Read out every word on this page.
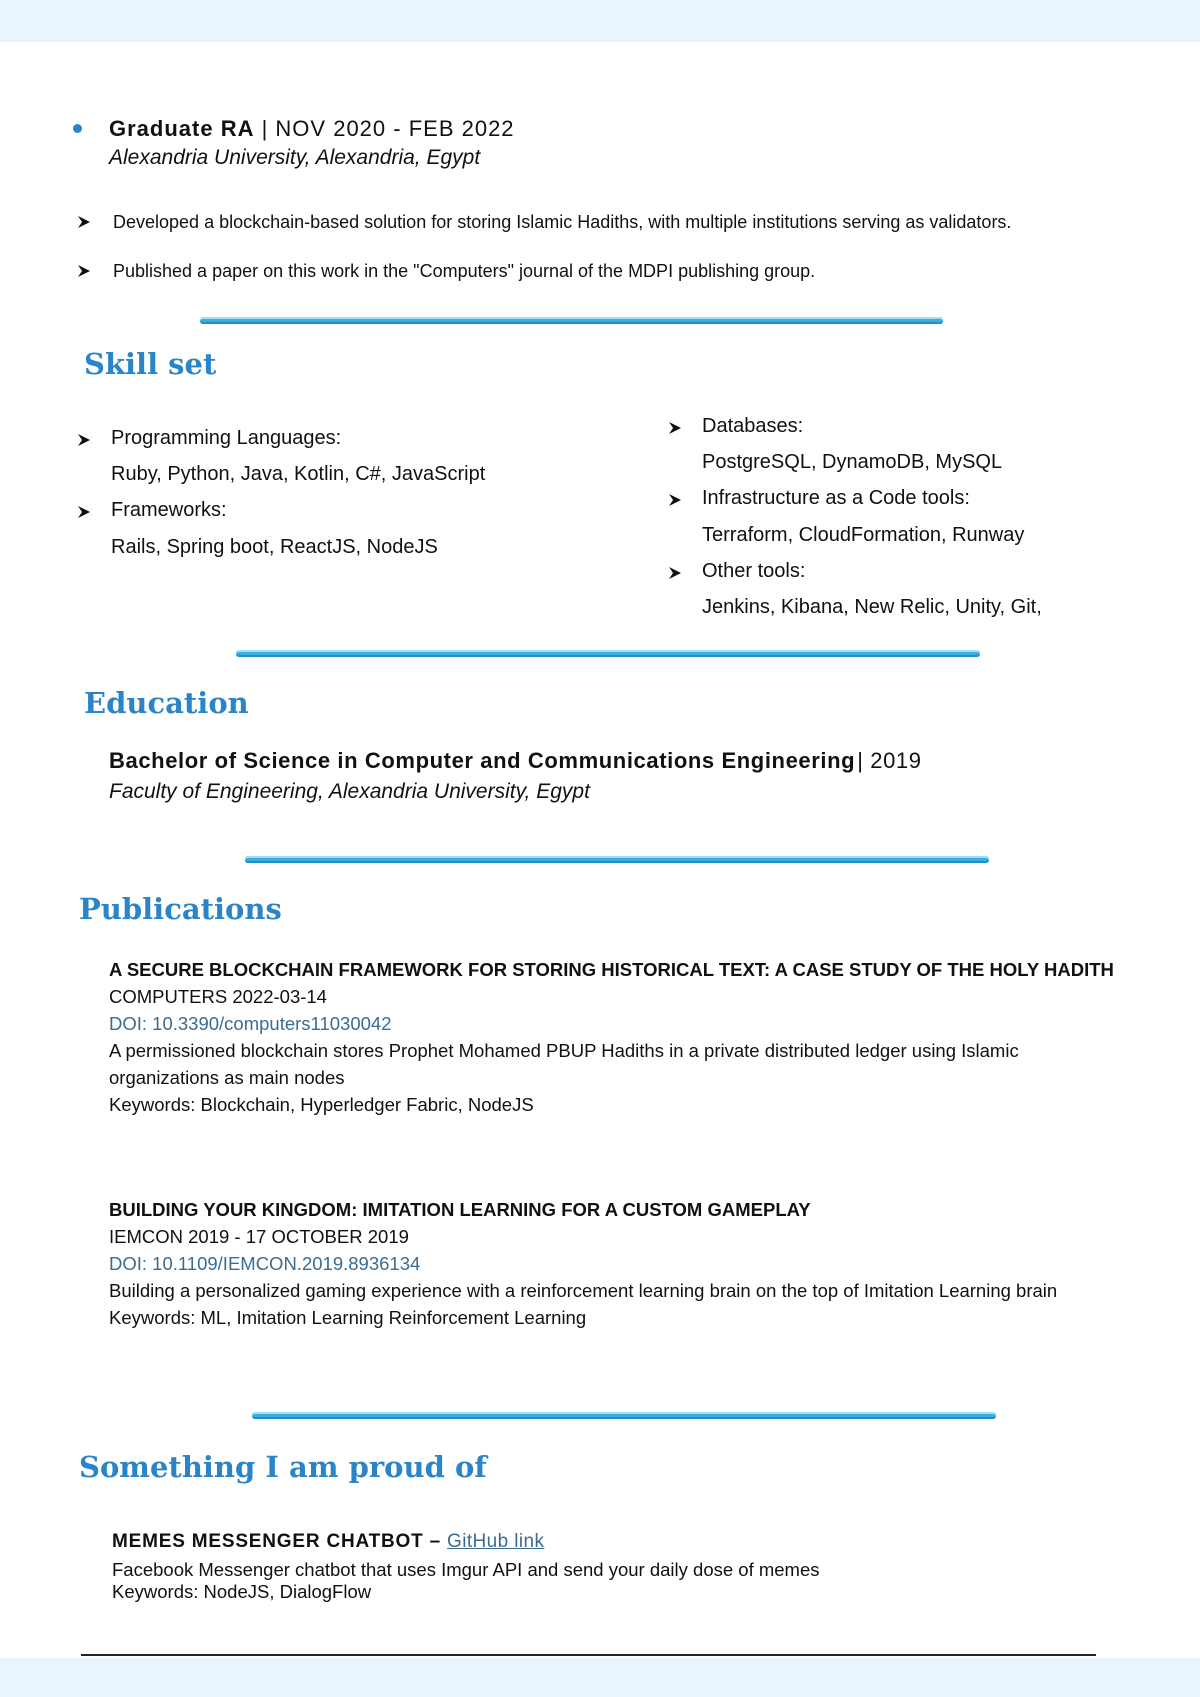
Graduate RA | NOV 2020 - FEB 2022
Alexandria University, Alexandria, Egypt
Developed a blockchain-based solution for storing Islamic Hadiths, with multiple institutions serving as validators.
Published a paper on this work in the "Computers" journal of the MDPI publishing group.
Skill set
Programming Languages:
Ruby, Python, Java, Kotlin, C#, JavaScript
Frameworks:
Rails, Spring boot, ReactJS, NodeJS
Databases:
PostgreSQL, DynamoDB, MySQL
Infrastructure as a Code tools:
Terraform, CloudFormation, Runway
Other tools:
Jenkins, Kibana, New Relic, Unity, Git,
Education
Bachelor of Science in Computer and Communications Engineering| 2019
Faculty of Engineering, Alexandria University, Egypt
Publications
A SECURE BLOCKCHAIN FRAMEWORK FOR STORING HISTORICAL TEXT: A CASE STUDY OF THE HOLY HADITH
COMPUTERS 2022-03-14
DOI: 10.3390/computers11030042
A permissioned blockchain stores Prophet Mohamed PBUP Hadiths in a private distributed ledger using Islamic organizations as main nodes
Keywords: Blockchain, Hyperledger Fabric, NodeJS
BUILDING YOUR KINGDOM: IMITATION LEARNING FOR A CUSTOM GAMEPLAY
IEMCON 2019 - 17 OCTOBER 2019
DOI: 10.1109/IEMCON.2019.8936134
Building a personalized gaming experience with a reinforcement learning brain on the top of Imitation Learning brain
Keywords: ML, Imitation Learning Reinforcement Learning
Something I am proud of
MEMES MESSENGER CHATBOT – GitHub link
Facebook Messenger chatbot that uses Imgur API and send your daily dose of memes
Keywords: NodeJS, DialogFlow
